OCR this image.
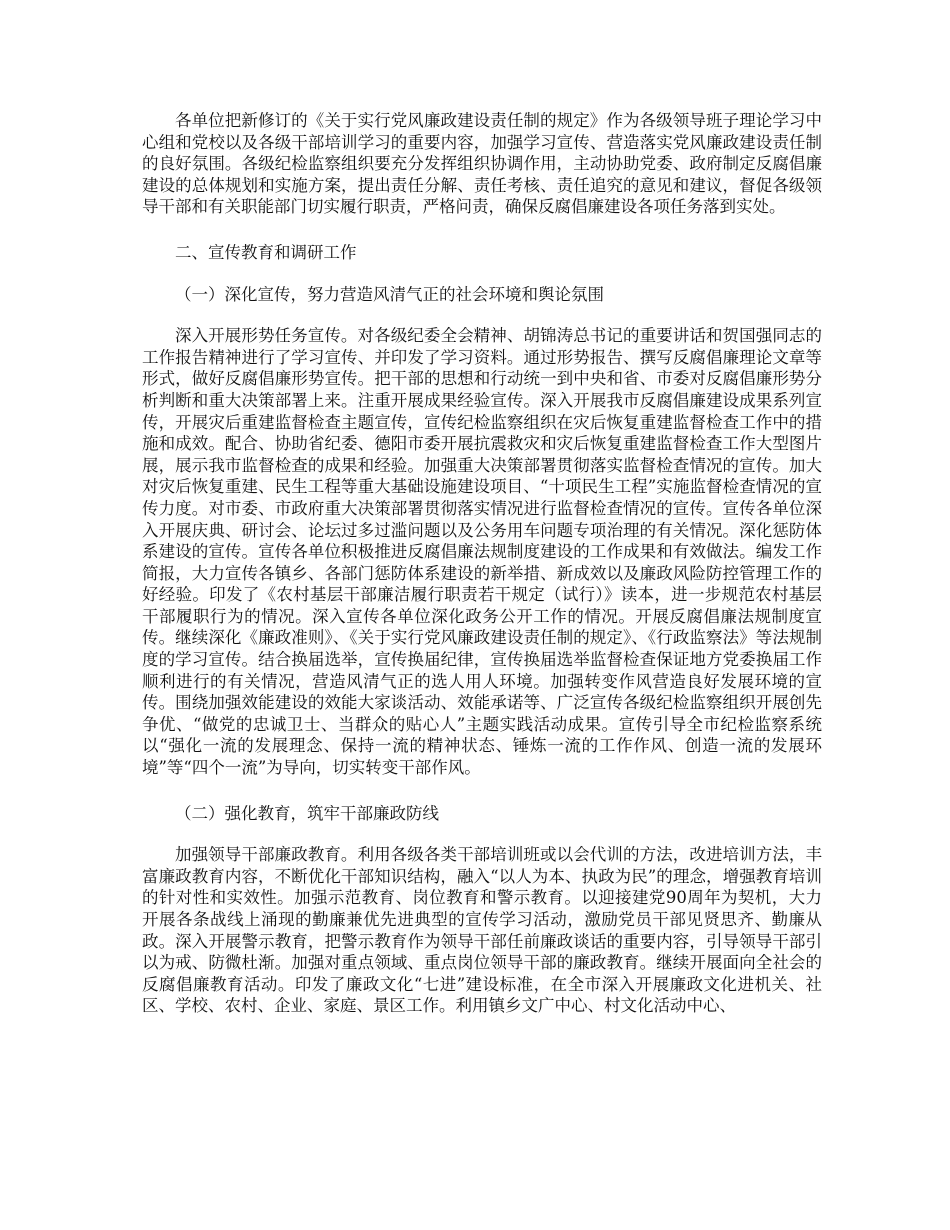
各单位把新修订的《关于实行党风廉政建设责任制的规定》作为各级领导班子理论学习中心组和党校以及各级干部培训学习的重要内容，加强学习宣传、营造落实党风廉政建设责任制的良好氛围。各级纪检监察组织要充分发挥组织协调作用，主动协助党委、政府制定反腐倡廉建设的总体规划和实施方案，提出责任分解、责任考核、责任追究的意见和建议，督促各级领导干部和有关职能部门切实履行职责，严格问责，确保反腐倡廉建设各项任务落到实处。

二、宣传教育和调研工作

（一）深化宣传，努力营造风清气正的社会环境和舆论氛围

深入开展形势任务宣传。对各级纪委全会精神、胡锦涛总书记的重要讲话和贺国强同志的工作报告精神进行了学习宣传、并印发了学习资料。通过形势报告、撰写反腐倡廉理论文章等形式，做好反腐倡廉形势宣传。把干部的思想和行动统一到中央和省、市委对反腐倡廉形势分析判断和重大决策部署上来。注重开展成果经验宣传。深入开展我市反腐倡廉建设成果系列宣传，开展灾后重建监督检查主题宣传，宣传纪检监察组织在灾后恢复重建监督检查工作中的措施和成效。配合、协助省纪委、德阳市委开展抗震救灾和灾后恢复重建监督检查工作大型图片展，展示我市监督检查的成果和经验。加强重大决策部署贯彻落实监督检查情况的宣传。加大对灾后恢复重建、民生工程等重大基础设施建设项目、“十项民生工程”实施监督检查情况的宣传力度。对市委、市政府重大决策部署贯彻落实情况进行监督检查情况的宣传。宣传各单位深入开展庆典、研讨会、论坛过多过滥问题以及公务用车问题专项治理的有关情况。深化惩防体系建设的宣传。宣传各单位积极推进反腐倡廉法规制度建设的工作成果和有效做法。编发工作简报，大力宣传各镇乡、各部门惩防体系建设的新举措、新成效以及廉政风险防控管理工作的好经验。印发了《农村基层干部廉洁履行职责若干规定（试行）》读本，进一步规范农村基层干部履职行为的情况。深入宣传各单位深化政务公开工作的情况。开展反腐倡廉法规制度宣传。继续深化《廉政准则》、《关于实行党风廉政建设责任制的规定》、《行政监察法》等法规制度的学习宣传。结合换届选举，宣传换届纪律，宣传换届选举监督检查保证地方党委换届工作顺利进行的有关情况，营造风清气正的选人用人环境。加强转变作风营造良好发展环境的宣传。围绕加强效能建设的效能大家谈活动、效能承诺等、广泛宣传各级纪检监察组织开展创先争优、“做党的忠诚卫士、当群众的贴心人”主题实践活动成果。宣传引导全市纪检监察系统以“强化一流的发展理念、保持一流的精神状态、锤炼一流的工作作风、创造一流的发展环境”等“四个一流”为导向，切实转变干部作风。

（二）强化教育，筑牢干部廉政防线

加强领导干部廉政教育。利用各级各类干部培训班或以会代训的方法，改进培训方法，丰富廉政教育内容，不断优化干部知识结构，融入“以人为本、执政为民”的理念，增强教育培训的针对性和实效性。加强示范教育、岗位教育和警示教育。以迎接建党90周年为契机，大力开展各条战线上涌现的勤廉兼优先进典型的宣传学习活动，激励党员干部见贤思齐、勤廉从政。深入开展警示教育，把警示教育作为领导干部任前廉政谈话的重要内容，引导领导干部引以为戒、防微杜渐。加强对重点领域、重点岗位领导干部的廉政教育。继续开展面向全社会的反腐倡廉教育活动。印发了廉政文化“七进”建设标准，在全市深入开展廉政文化进机关、社区、学校、农村、企业、家庭、景区工作。利用镇乡文广中心、村文化活动中心、
